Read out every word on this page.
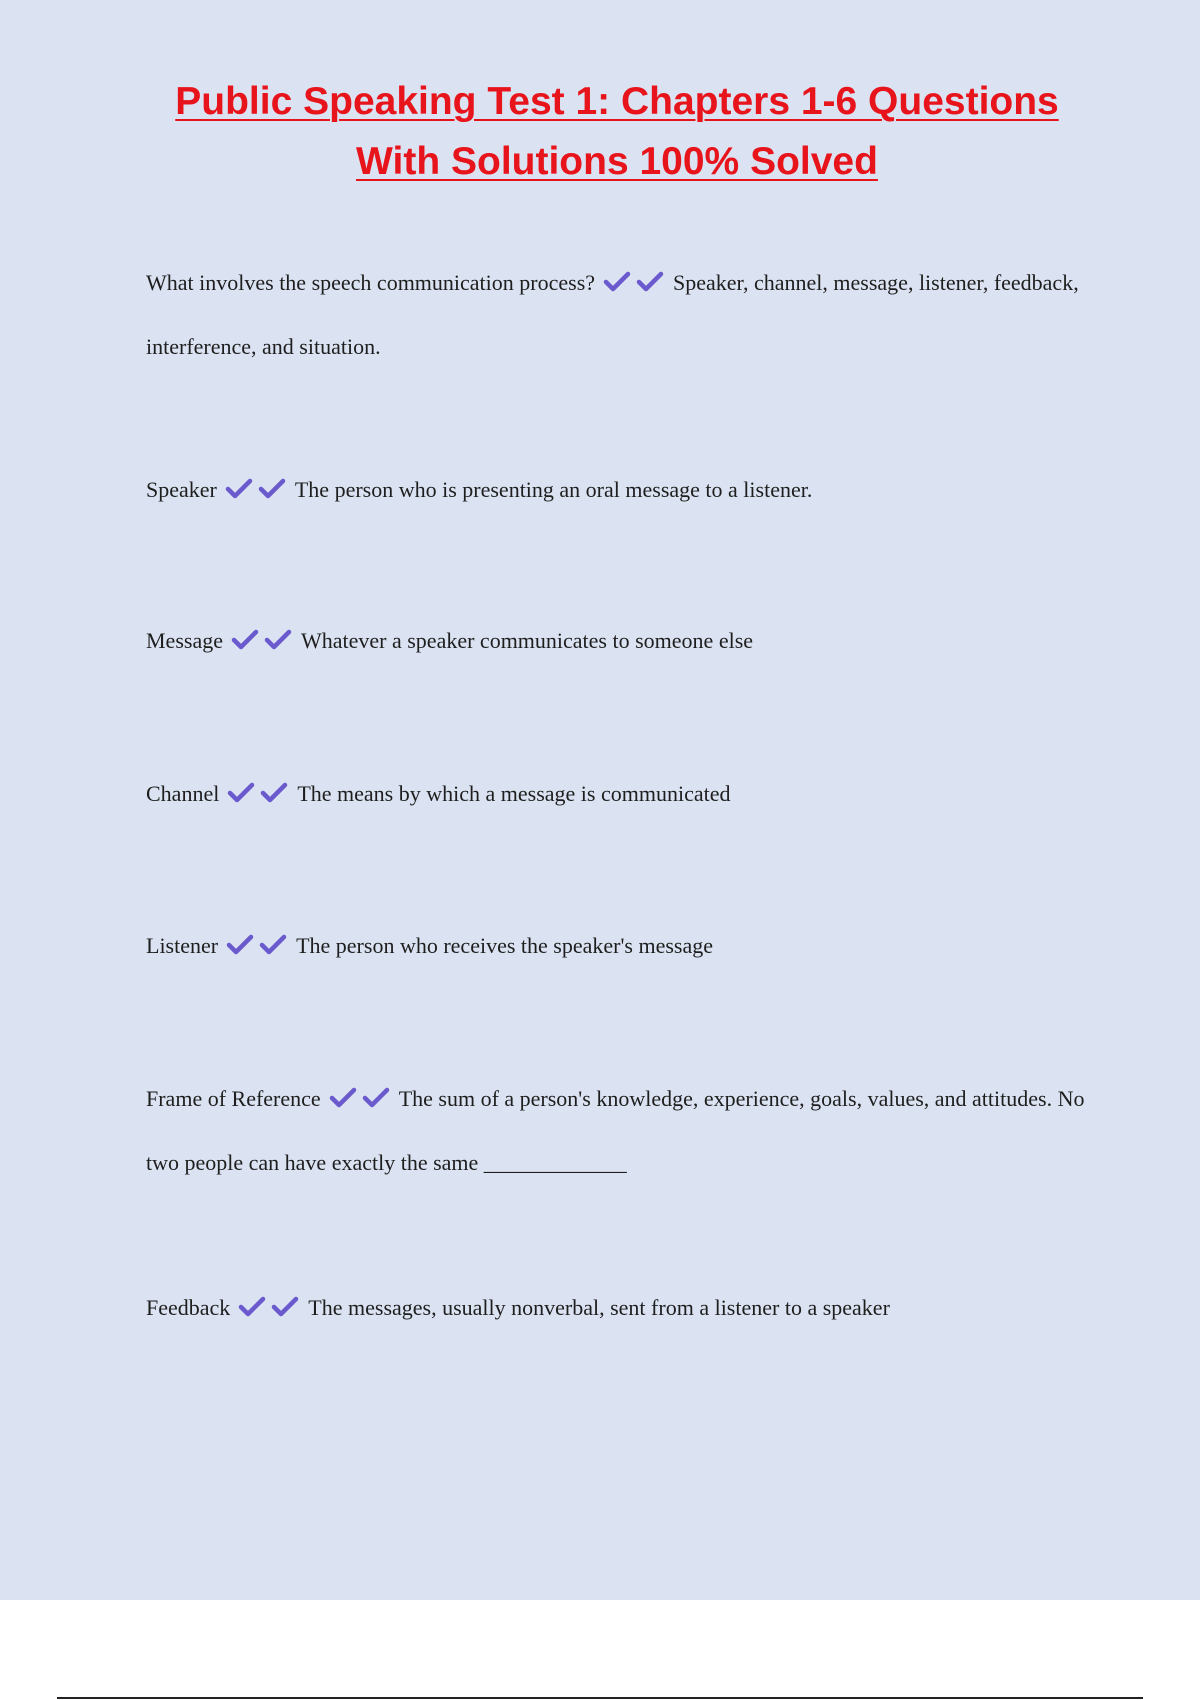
Public Speaking Test 1: Chapters 1-6 Questions
With Solutions 100% Solved

What involves the speech communication process?	Speaker, channel, message, listener, feedback, interference, and situation.

Speaker	The person who is presenting an oral message to a listener.

Message	Whatever a speaker communicates to someone else

Channel	The means by which a message is communicated

Listener	The person who receives the speaker's message

Frame of Reference	The sum of a person's knowledge, experience, goals, values, and attitudes. No two people can have exactly the same _____________

Feedback	The messages, usually nonverbal, sent from a listener to a speaker
